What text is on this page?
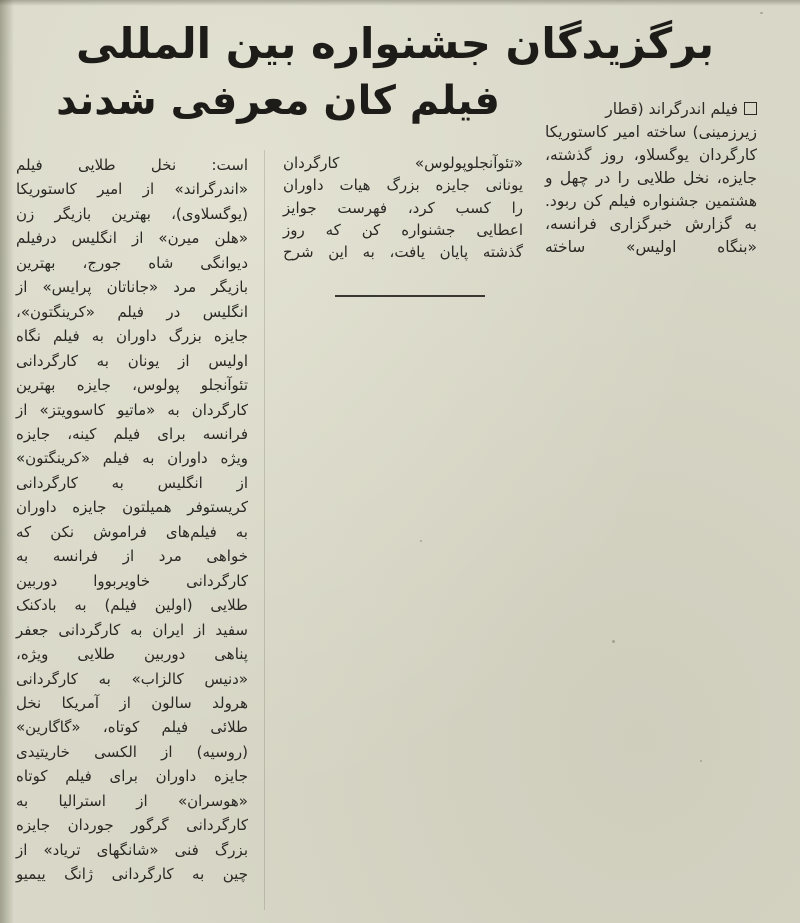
برگزیدگان جشنواره بین المللی
فیلم کان معرفی شدند	فیلم اندرگراند (قطار
زیرزمینی) ساخته امیر کاستوریکا
کارگردان یوگسلاو، روز گذشته،
جایزه، نخل طلایی را در چهل و
هشتمین جشنواره فیلم کن ربود.
به گزارش خبرگزاری فرانسه،
«بنگاه اولیس» ساخته
«تئوآنجلوپولوس» کارگردان
یونانی جایزه بزرگ هیات داوران
را کسب کرد، فهرست جوایز
اعطایی جشنواره کن که روز
گذشته پایان یافت، به این شرح
است: نخل طلایی فیلم
«اندرگراند» از امیر کاستوریکا
(یوگسلاوی)، بهترین بازیگر زن
«هلن میرن» از انگلیس درفیلم
دیوانگی شاه جورج، بهترین
بازیگر مرد «جاناتان پرایس» از
انگلیس در فیلم «کرینگتون»،
جایزه بزرگ داوران به فیلم نگاه
اولیس از یونان به کارگردانی
تئوآنجلو پولوس، جایزه بهترین
کارگردان به «ماتیو کاسوویتز» از
فرانسه برای فیلم کینه، جایزه
ویژه داوران به فیلم «کرینگتون»
از انگلیس به کارگردانی
کریستوفر همیلتون جایزه داوران
به فیلم‌های فراموش نکن که
خواهی مرد از فرانسه به
کارگردانی خاویربووا دوربین
طلایی (اولین فیلم) به بادکنک
سفید از ایران به کارگردانی جعفر
پناهی دوربین طلایی ویژه،
«دنیس کالزاب» به کارگردانی
هرولد سالون از آمریکا نخل
طلائی فیلم کوتاه، «گاگارین»
(روسیه) از الکسی خاریتیدی
جایزه داوران برای فیلم کوتاه
«هوسران» از استرالیا به
کارگردانی گرگور جوردان جایزه
بزرگ فنی «شانگهای تریاد» از
چین به کارگردانی ژانگ ییمیو
